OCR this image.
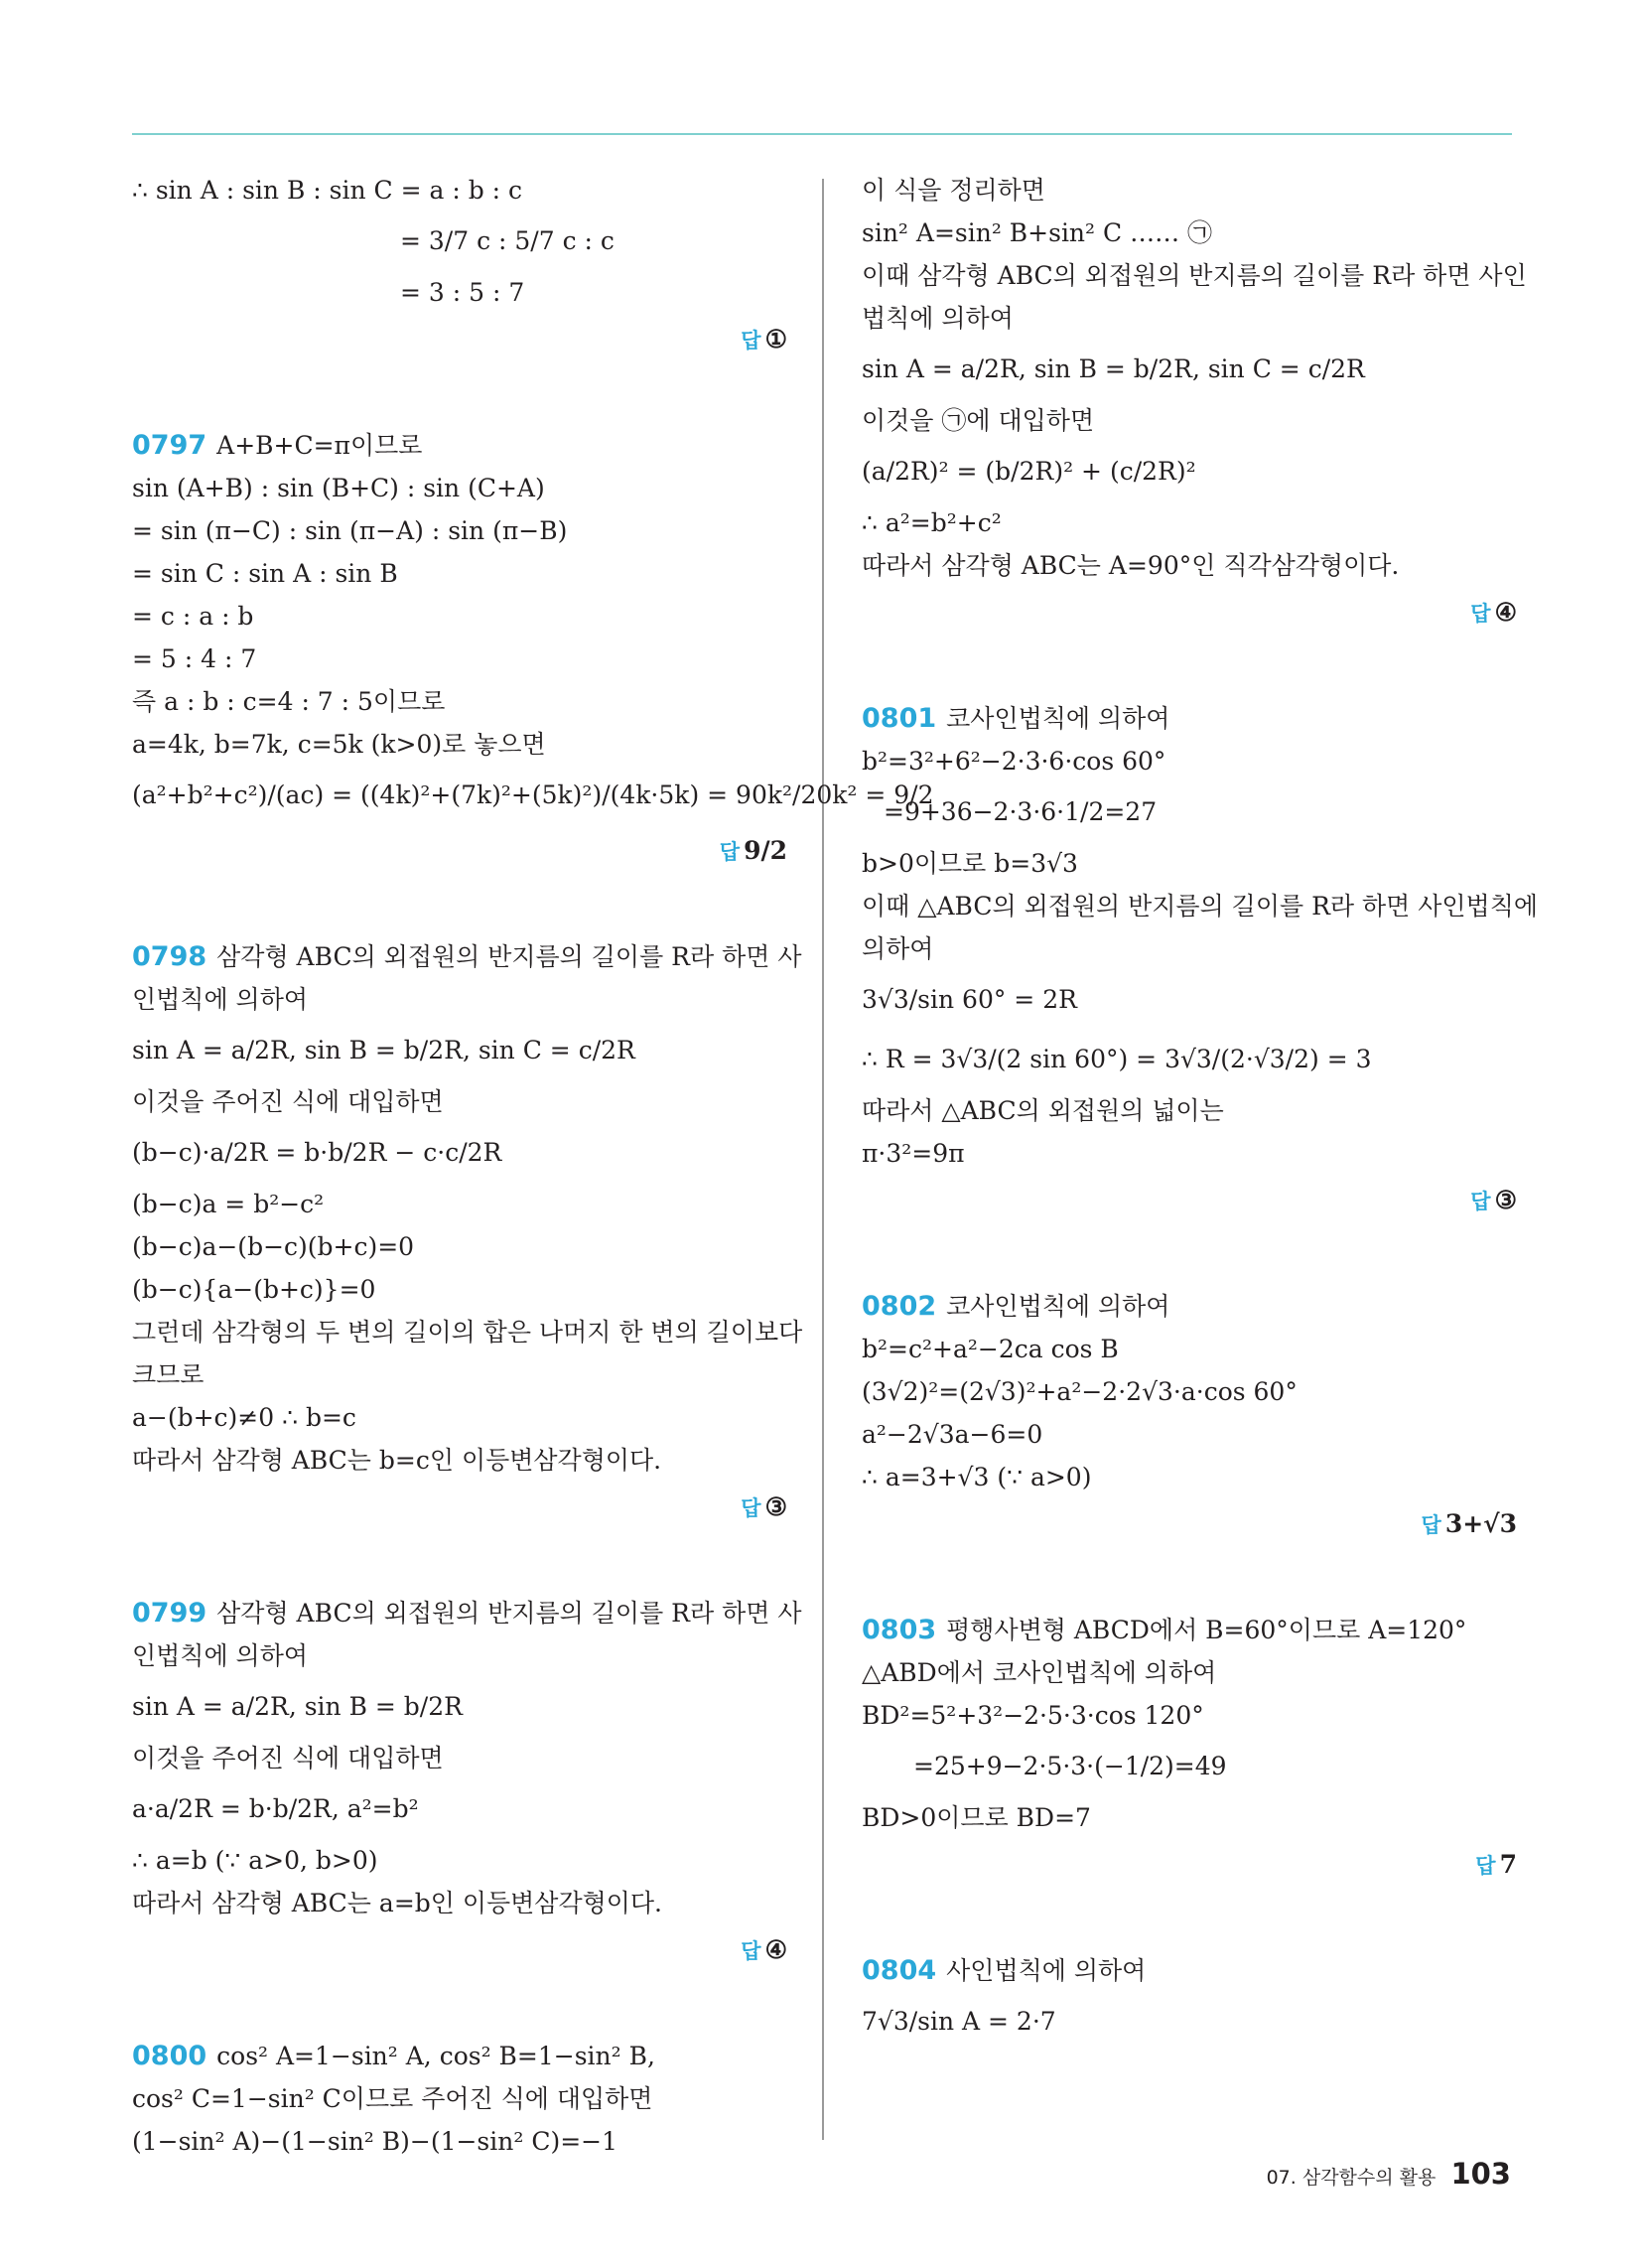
∴ sin A : sin B : sin C = a : b : c
= 3/7 c : 5/7 c : c
= 3 : 5 : 7
답 ①
0797 A+B+C=π이므로
sin (A+B) : sin (B+C) : sin (C+A)
= sin (π−C) : sin (π−A) : sin (π−B)
= sin C : sin A : sin B
= c : a : b
= 5 : 4 : 7
즉 a : b : c=4 : 7 : 5이므로
a=4k, b=7k, c=5k (k>0)로 놓으면
(a²+b²+c²)/(ac) = ((4k)²+(7k)²+(5k)²)/(4k·5k) = 90k²/20k² = 9/2
답 9/2
0798 삼각형 ABC의 외접원의 반지름의 길이를 R라 하면 사
인법칙에 의하여
sin A = a/2R, sin B = b/2R, sin C = c/2R
이것을 주어진 식에 대입하면
(b−c)·a/2R = b·b/2R − c·c/2R
(b−c)a = b²−c²
(b−c)a−(b−c)(b+c)=0
(b−c){a−(b+c)}=0
그런데 삼각형의 두 변의 길이의 합은 나머지 한 변의 길이보다
크므로
a−(b+c)≠0 ∴ b=c
따라서 삼각형 ABC는 b=c인 이등변삼각형이다.
답 ③
0799 삼각형 ABC의 외접원의 반지름의 길이를 R라 하면 사
인법칙에 의하여
sin A = a/2R, sin B = b/2R
이것을 주어진 식에 대입하면
a·a/2R = b·b/2R, a²=b²
∴ a=b (∵ a>0, b>0)
따라서 삼각형 ABC는 a=b인 이등변삼각형이다.
답 ④
0800 cos² A=1−sin² A, cos² B=1−sin² B,
cos² C=1−sin² C이므로 주어진 식에 대입하면
(1−sin² A)−(1−sin² B)−(1−sin² C)=−1
이 식을 정리하면
sin² A=sin² B+sin² C …… ㉠
이때 삼각형 ABC의 외접원의 반지름의 길이를 R라 하면 사인
법칙에 의하여
sin A = a/2R, sin B = b/2R, sin C = c/2R
이것을 ㉠에 대입하면
(a/2R)² = (b/2R)² + (c/2R)²
∴ a²=b²+c²
따라서 삼각형 ABC는 A=90°인 직각삼각형이다.
답 ④
0801 코사인법칙에 의하여
b²=3²+6²−2·3·6·cos 60°
=9+36−2·3·6·1/2=27
b>0이므로 b=3√3
이때 △ABC의 외접원의 반지름의 길이를 R라 하면 사인법칙에
의하여
3√3/sin 60° = 2R
∴ R = 3√3/(2 sin 60°) = 3√3/(2·√3/2) = 3
따라서 △ABC의 외접원의 넓이는
π·3²=9π
답 ③
0802 코사인법칙에 의하여
b²=c²+a²−2ca cos B
(3√2)²=(2√3)²+a²−2·2√3·a·cos 60°
a²−2√3a−6=0
∴ a=3+√3 (∵ a>0)
답 3+√3
0803 평행사변형 ABCD에서 B=60°이므로 A=120°
△ABD에서 코사인법칙에 의하여
BD²=5²+3²−2·5·3·cos 120°
=25+9−2·5·3·(−1/2)=49
BD>0이므로 BD=7
답 7
0804 사인법칙에 의하여
7√3/sin A = 2·7
07. 삼각함수의 활용 103
